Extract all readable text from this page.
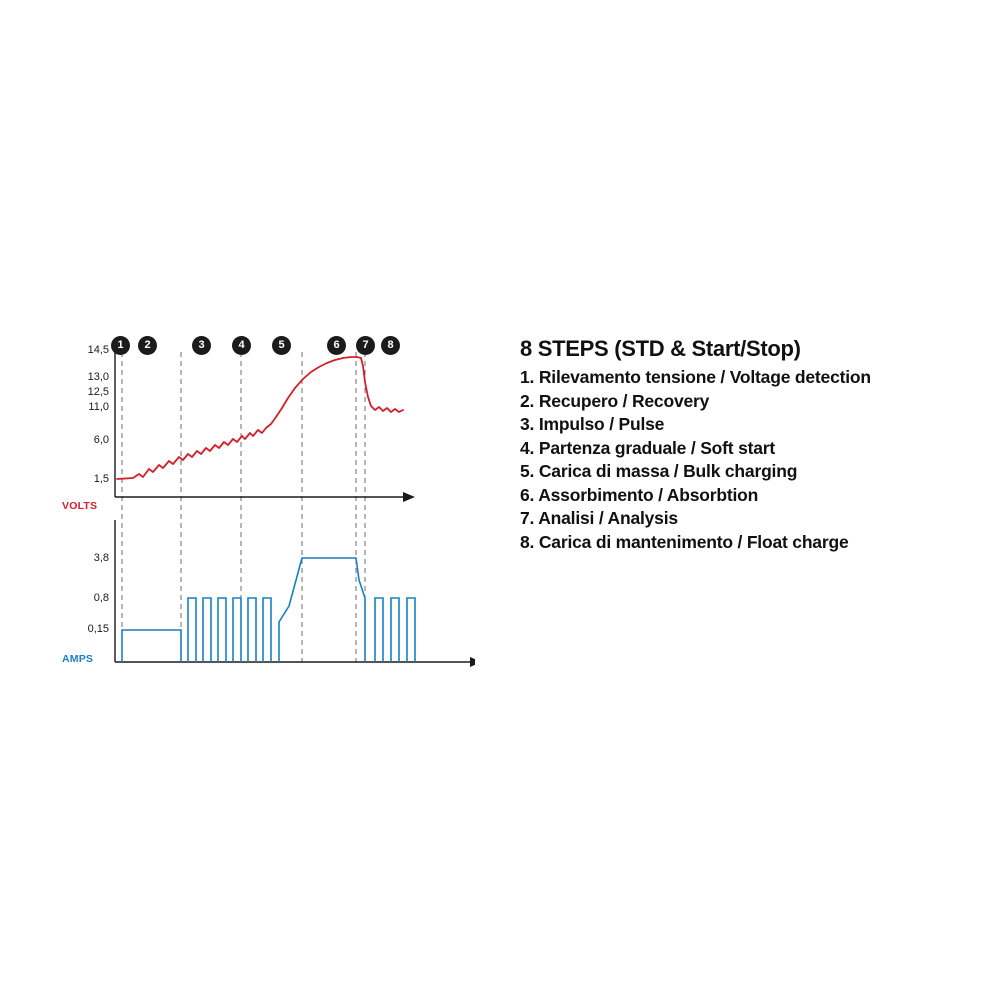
1	2	3	4	5	6	7	8
14,5
13,0
12,5
11,0
6,0
1,5
3,8
0,8
0,15
VOLTS
AMPS
8 STEPS (STD & Start/Stop)
1. Rilevamento tensione / Voltage detection
2. Recupero / Recovery
3. Impulso / Pulse
4. Partenza graduale / Soft start
5. Carica di massa / Bulk charging
6. Assorbimento / Absorbtion
7. Analisi / Analysis
8. Carica di mantenimento / Float charge
